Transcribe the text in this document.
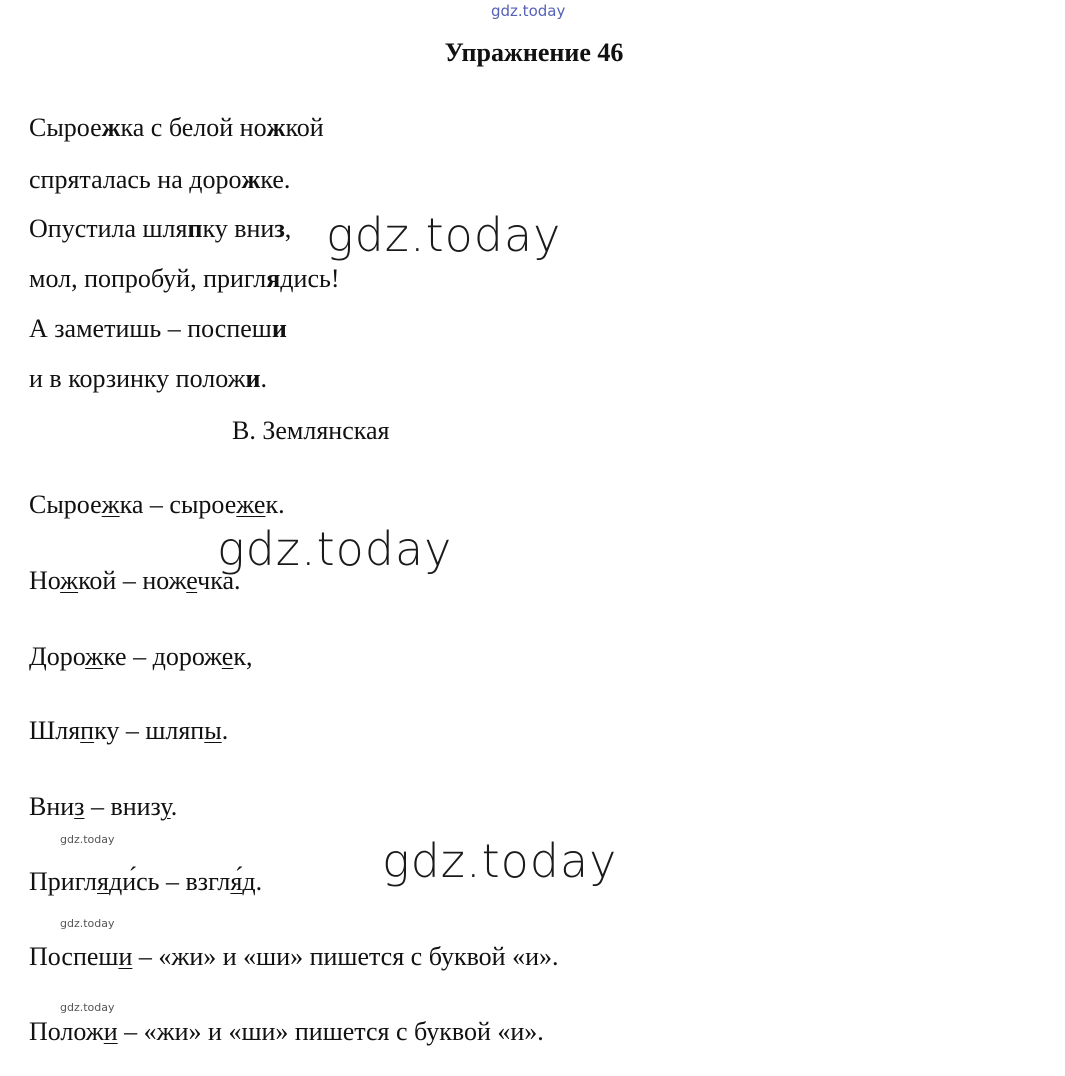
gdz.today
Упражнение 46
Сыроежка с белой ножкой
спряталась на дорожке.
Опустила шляпку вниз,
мол, попробуй, приглядись!
А заметишь – поспеши
и в корзинку положи.
В. Землянская
Сыроежка – сыроежек.
Ножкой – ножечка.
Дорожке – дорожек,
Шляпку – шляпы.
Вниз – внизу.
Пригляди́сь – взгля́д.
Поспеши – «жи» и «ши» пишется с буквой «и».
Положи – «жи» и «ши» пишется с буквой «и».
gdz.today
gdz.today
gdz.today
gdz.today
gdz.today
gdz.today
